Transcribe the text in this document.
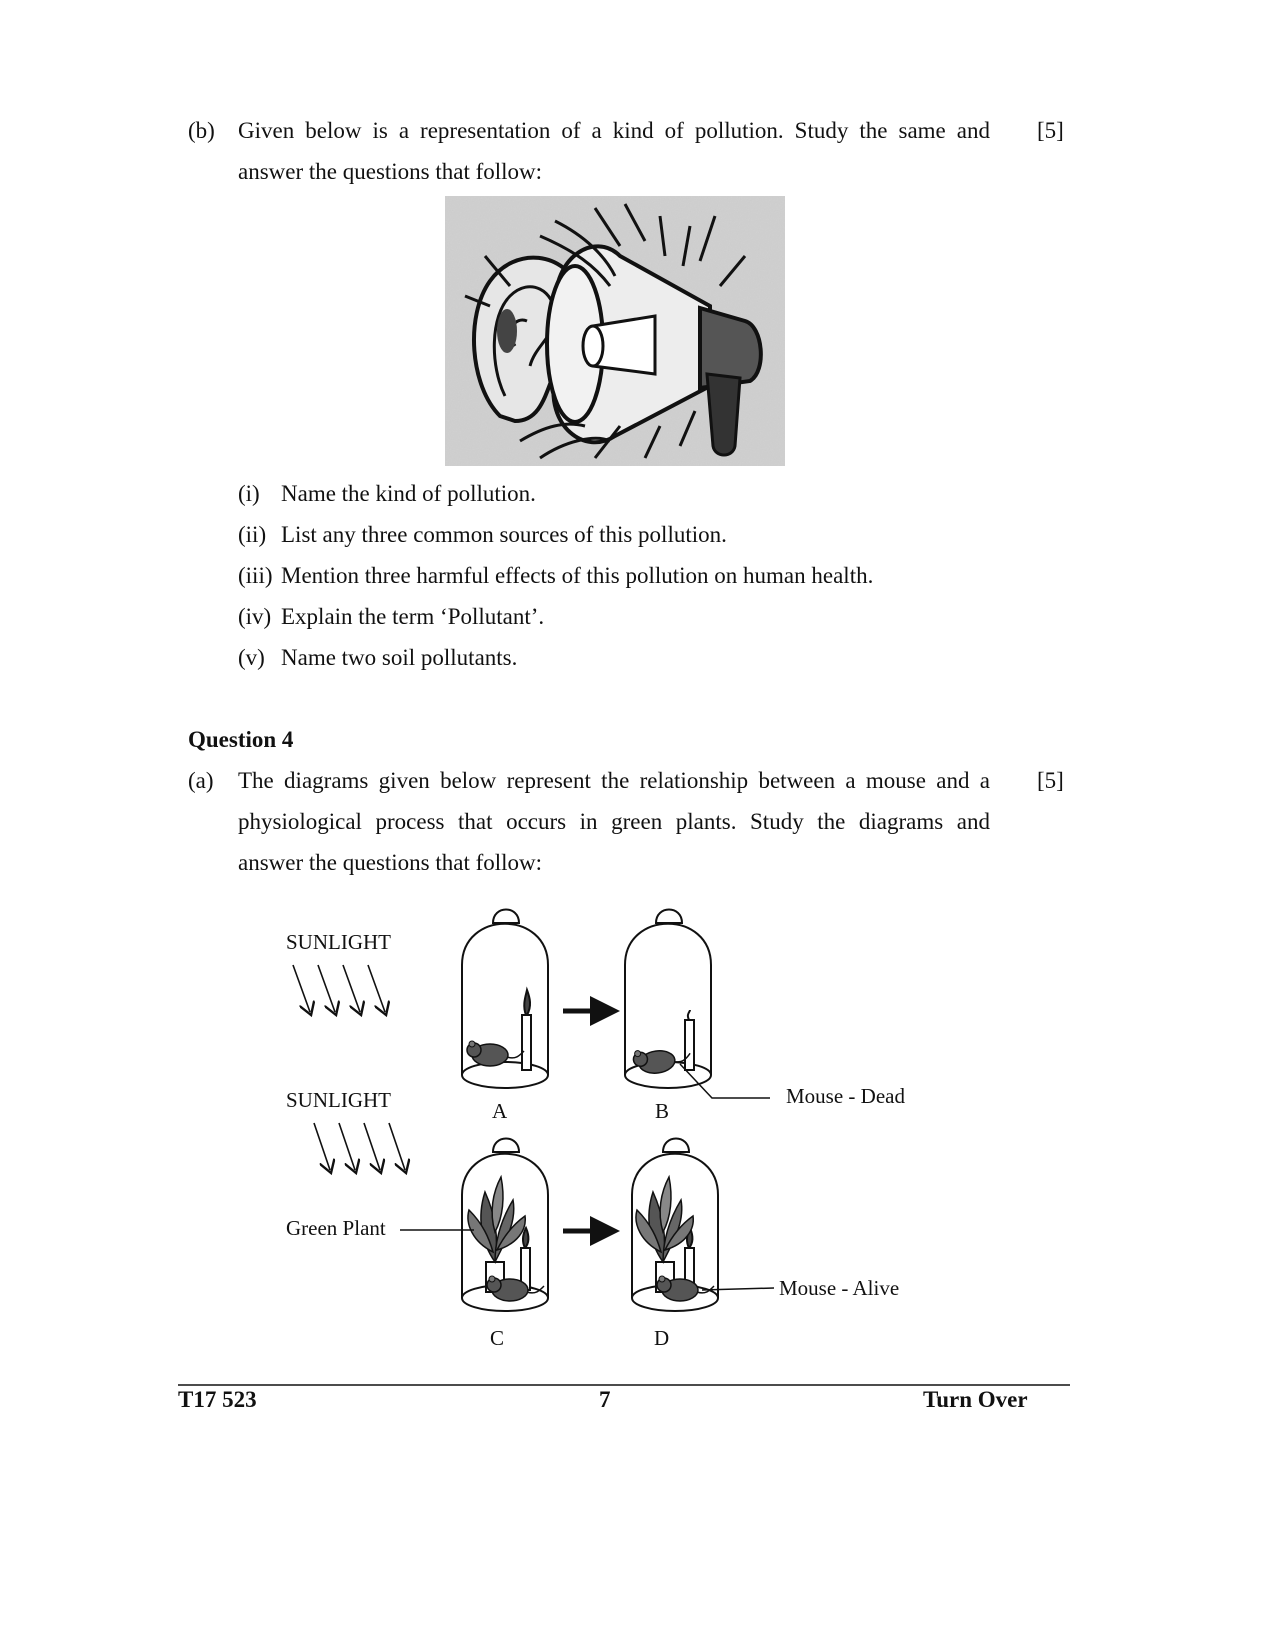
(b) Given below is a representation of a kind of pollution. Study the same and [5]
answer the questions that follow:
(i) Name the kind of pollution.
(ii) List any three common sources of this pollution.
(iii) Mention three harmful effects of this pollution on human health.
(iv) Explain the term ‘Pollutant’.
(v) Name two soil pollutants.
Question 4
(a) The diagrams given below represent the relationship between a mouse and a [5]
physiological process that occurs in green plants. Study the diagrams and
answer the questions that follow:
SUNLIGHT
SUNLIGHT
Green Plant
Mouse - Dead
Mouse - Alive
A	B
C	D
T17 523	7	Turn Over
